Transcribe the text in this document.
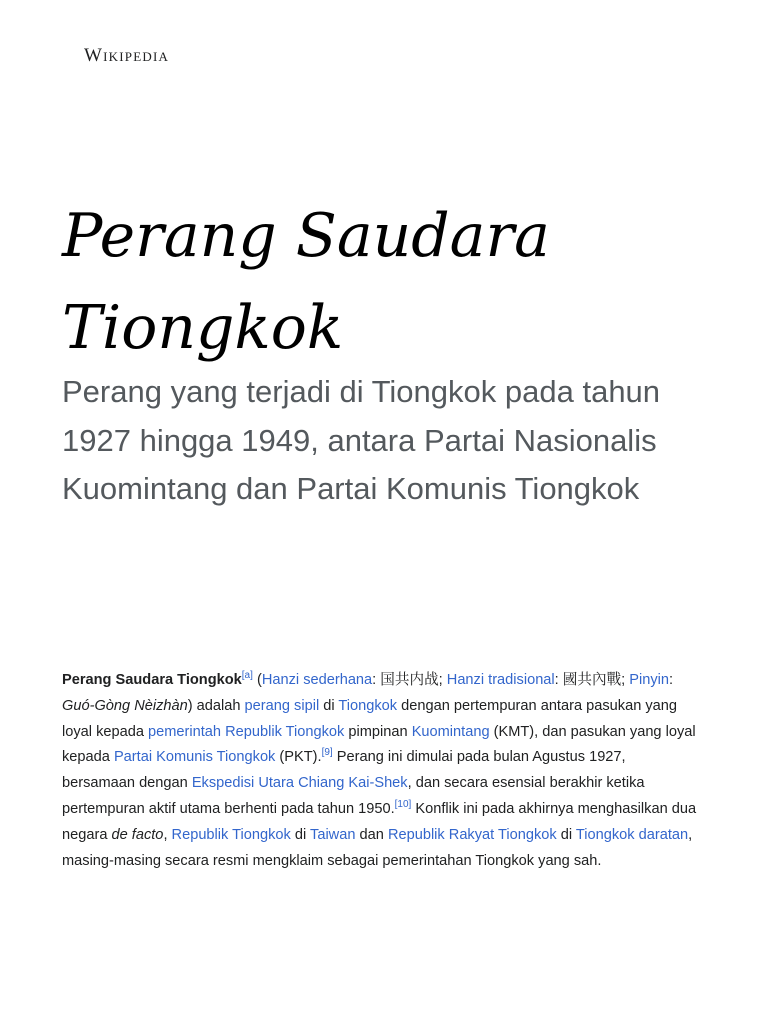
Wikipedia
Perang Saudara Tiongkok

Perang yang terjadi di Tiongkok pada tahun 1927 hingga 1949, antara Partai Nasionalis Kuomintang dan Partai Komunis Tiongkok

Perang Saudara Tiongkok[a] (Hanzi sederhana: 国共内战; Hanzi tradisional: 國共內戰; Pinyin: Guó-Gòng Nèizhàn) adalah perang sipil di Tiongkok dengan pertempuran antara pasukan yang loyal kepada pemerintah Republik Tiongkok pimpinan Kuomintang (KMT), dan pasukan yang loyal kepada Partai Komunis Tiongkok (PKT).[9] Perang ini dimulai pada bulan Agustus 1927, bersamaan dengan Ekspedisi Utara Chiang Kai-Shek, dan secara esensial berakhir ketika pertempuran aktif utama berhenti pada tahun 1950.[10] Konflik ini pada akhirnya menghasilkan dua negara de facto, Republik Tiongkok di Taiwan dan Republik Rakyat Tiongkok di Tiongkok daratan, masing-masing secara resmi mengklaim sebagai pemerintahan Tiongkok yang sah.
